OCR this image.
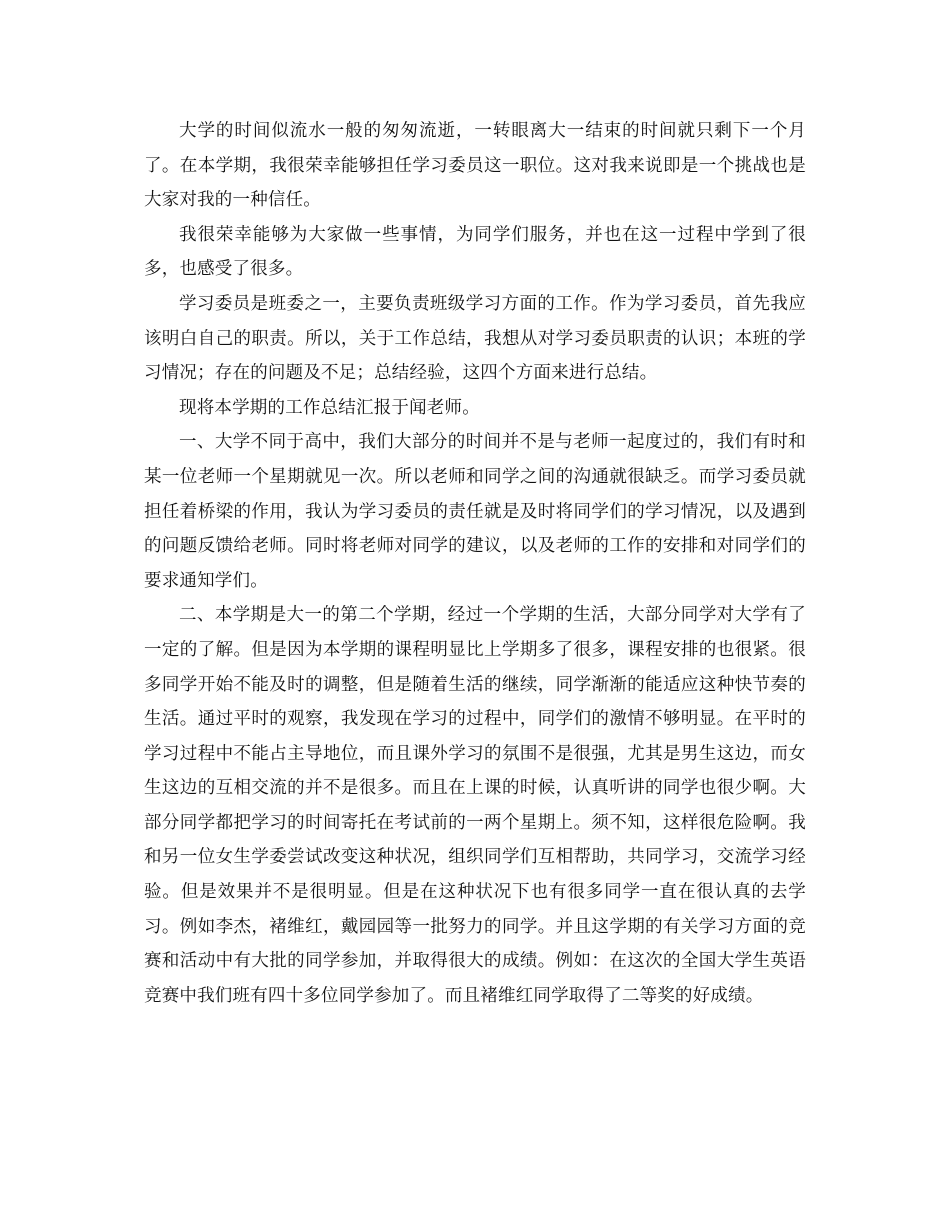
大学的时间似流水一般的匆匆流逝，一转眼离大一结束的时间就只剩下一个月了。在本学期，我很荣幸能够担任学习委员这一职位。这对我来说即是一个挑战也是大家对我的一种信任。

我很荣幸能够为大家做一些事情，为同学们服务，并也在这一过程中学到了很多，也感受了很多。

学习委员是班委之一，主要负责班级学习方面的工作。作为学习委员，首先我应该明白自己的职责。所以，关于工作总结，我想从对学习委员职责的认识；本班的学习情况；存在的问题及不足；总结经验，这四个方面来进行总结。

现将本学期的工作总结汇报于闻老师。

一、大学不同于高中，我们大部分的时间并不是与老师一起度过的，我们有时和某一位老师一个星期就见一次。所以老师和同学之间的沟通就很缺乏。而学习委员就担任着桥梁的作用，我认为学习委员的责任就是及时将同学们的学习情况，以及遇到的问题反馈给老师。同时将老师对同学的建议，以及老师的工作的安排和对同学们的要求通知学们。

二、本学期是大一的第二个学期，经过一个学期的生活，大部分同学对大学有了一定的了解。但是因为本学期的课程明显比上学期多了很多，课程安排的也很紧。很多同学开始不能及时的调整，但是随着生活的继续，同学渐渐的能适应这种快节奏的生活。通过平时的观察，我发现在学习的过程中，同学们的激情不够明显。在平时的学习过程中不能占主导地位，而且课外学习的氛围不是很强，尤其是男生这边，而女生这边的互相交流的并不是很多。而且在上课的时候，认真听讲的同学也很少啊。大部分同学都把学习的时间寄托在考试前的一两个星期上。须不知，这样很危险啊。我和另一位女生学委尝试改变这种状况，组织同学们互相帮助，共同学习，交流学习经验。但是效果并不是很明显。但是在这种状况下也有很多同学一直在很认真的去学习。例如李杰，褚维红，戴园园等一批努力的同学。并且这学期的有关学习方面的竞赛和活动中有大批的同学参加，并取得很大的成绩。例如：在这次的全国大学生英语竞赛中我们班有四十多位同学参加了。而且褚维红同学取得了二等奖的好成绩。
